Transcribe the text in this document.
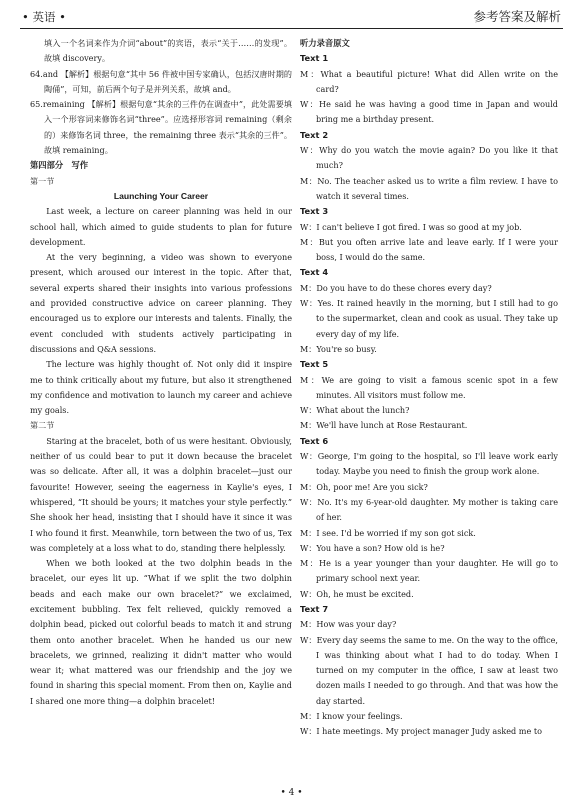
• 英语 •	参考答案及解析

填入一个名词来作为介词“about”的宾语，表示“关于……的发现”。故填 discovery。

64.and 【解析】根据句意“其中 56 件被中国专家确认，包括汉唐时期的陶俑”，可知，前后两个句子是并列关系，故填 and。

65.remaining 【解析】根据句意“其余的三件仍在调查中”，此处需要填入一个形容词来修饰名词“three”。应选择形容词 remaining（剩余的）来修饰名词 three，the remaining three 表示“其余的三件”。故填 remaining。

第四部分　写作

第一节

Launching Your Career

Last week, a lecture on career planning was held in our school hall, which aimed to guide students to plan for future development.

At the very beginning, a video was shown to everyone present, which aroused our interest in the topic. After that, several experts shared their insights into various professions and provided constructive advice on career planning. They encouraged us to explore our interests and talents. Finally, the event concluded with students actively participating in discussions and Q&A sessions.

The lecture was highly thought of. Not only did it inspire me to think critically about my future, but also it strengthened my confidence and motivation to launch my career and achieve my goals.

第二节

Staring at the bracelet, both of us were hesitant. Obviously, neither of us could bear to put it down because the bracelet was so delicate. After all, it was a dolphin bracelet—just our favourite! However, seeing the eagerness in Kaylie's eyes, I whispered, “It should be yours; it matches your style perfectly.” She shook her head, insisting that I should have it since it was I who found it first. Meanwhile, torn between the two of us, Tex was completely at a loss what to do, standing there helplessly.

When we both looked at the two dolphin beads in the bracelet, our eyes lit up. “What if we split the two dolphin beads and each make our own bracelet?” we exclaimed, excitement bubbling. Tex felt relieved, quickly removed a dolphin bead, picked out colorful beads to match it and strung them onto another bracelet. When he handed us our new bracelets, we grinned, realizing it didn't matter who would wear it; what mattered was our friendship and the joy we found in sharing this special moment. From then on, Kaylie and I shared one more thing—a dolphin bracelet!

听力录音原文

Text 1

M：What a beautiful picture! What did Allen write on the card?

W：He said he was having a good time in Japan and would bring me a birthday present.

Text 2

W：Why do you watch the movie again? Do you like it that much?

M：No. The teacher asked us to write a film review. I have to watch it several times.

Text 3

W：I can't believe I got fired. I was so good at my job.

M：But you often arrive late and leave early. If I were your boss, I would do the same.

Text 4

M：Do you have to do these chores every day?

W：Yes. It rained heavily in the morning, but I still had to go to the supermarket, clean and cook as usual. They take up every day of my life.

M：You're so busy.

Text 5

M：We are going to visit a famous scenic spot in a few minutes. All visitors must follow me.

W：What about the lunch?

M：We'll have lunch at Rose Restaurant.

Text 6

W：George, I'm going to the hospital, so I'll leave work early today. Maybe you need to finish the group work alone.

M：Oh, poor me! Are you sick?

W：No. It's my 6-year-old daughter. My mother is taking care of her.

M：I see. I'd be worried if my son got sick.

W：You have a son? How old is he?

M：He is a year younger than your daughter. He will go to primary school next year.

W：Oh, he must be excited.

Text 7

M：How was your day?

W：Every day seems the same to me. On the way to the office, I was thinking about what I had to do today. When I turned on my computer in the office, I saw at least two dozen mails I needed to go through. And that was how the day started.

M：I know your feelings.

W：I hate meetings. My project manager Judy asked me to

• 4 •
